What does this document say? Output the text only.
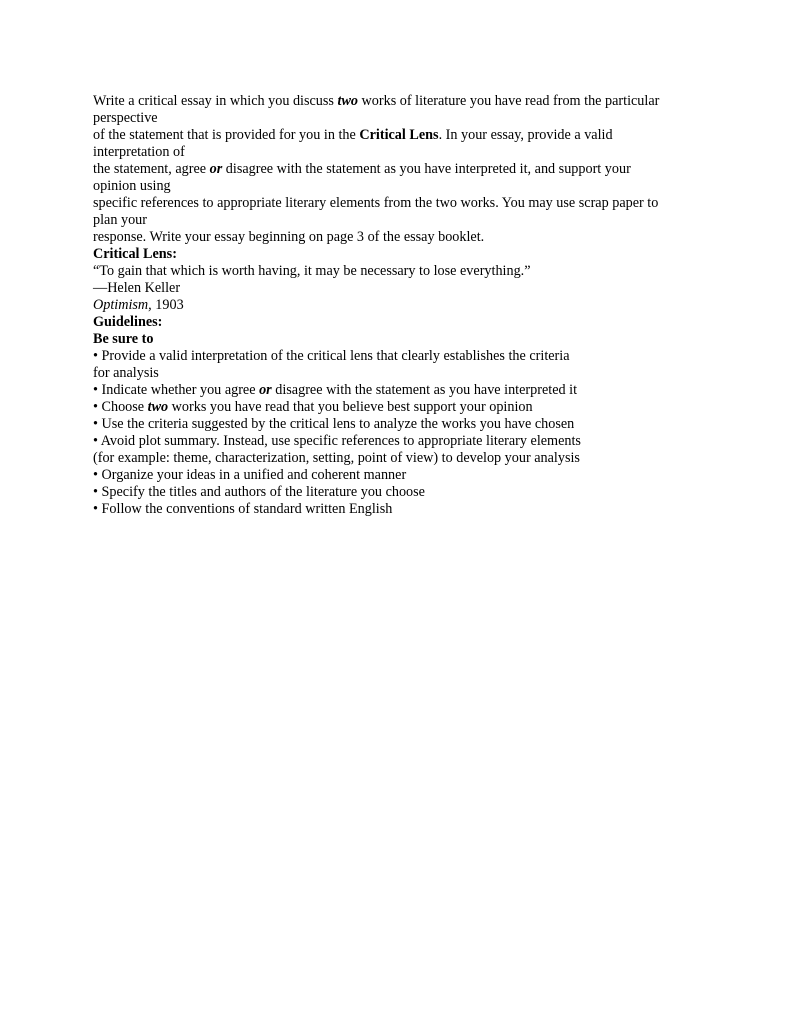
Write a critical essay in which you discuss two works of literature you have read from the particular
perspective
of the statement that is provided for you in the Critical Lens. In your essay, provide a valid
interpretation of
the statement, agree or disagree with the statement as you have interpreted it, and support your
opinion using
specific references to appropriate literary elements from the two works. You may use scrap paper to
plan your
response. Write your essay beginning on page 3 of the essay booklet.
Critical Lens:
“To gain that which is worth having, it may be necessary to lose everything.”
—Helen Keller
Optimism, 1903
Guidelines:
Be sure to
• Provide a valid interpretation of the critical lens that clearly establishes the criteria
for analysis
• Indicate whether you agree or disagree with the statement as you have interpreted it
• Choose two works you have read that you believe best support your opinion
• Use the criteria suggested by the critical lens to analyze the works you have chosen
• Avoid plot summary. Instead, use specific references to appropriate literary elements
(for example: theme, characterization, setting, point of view) to develop your analysis
• Organize your ideas in a unified and coherent manner
• Specify the titles and authors of the literature you choose
• Follow the conventions of standard written English
